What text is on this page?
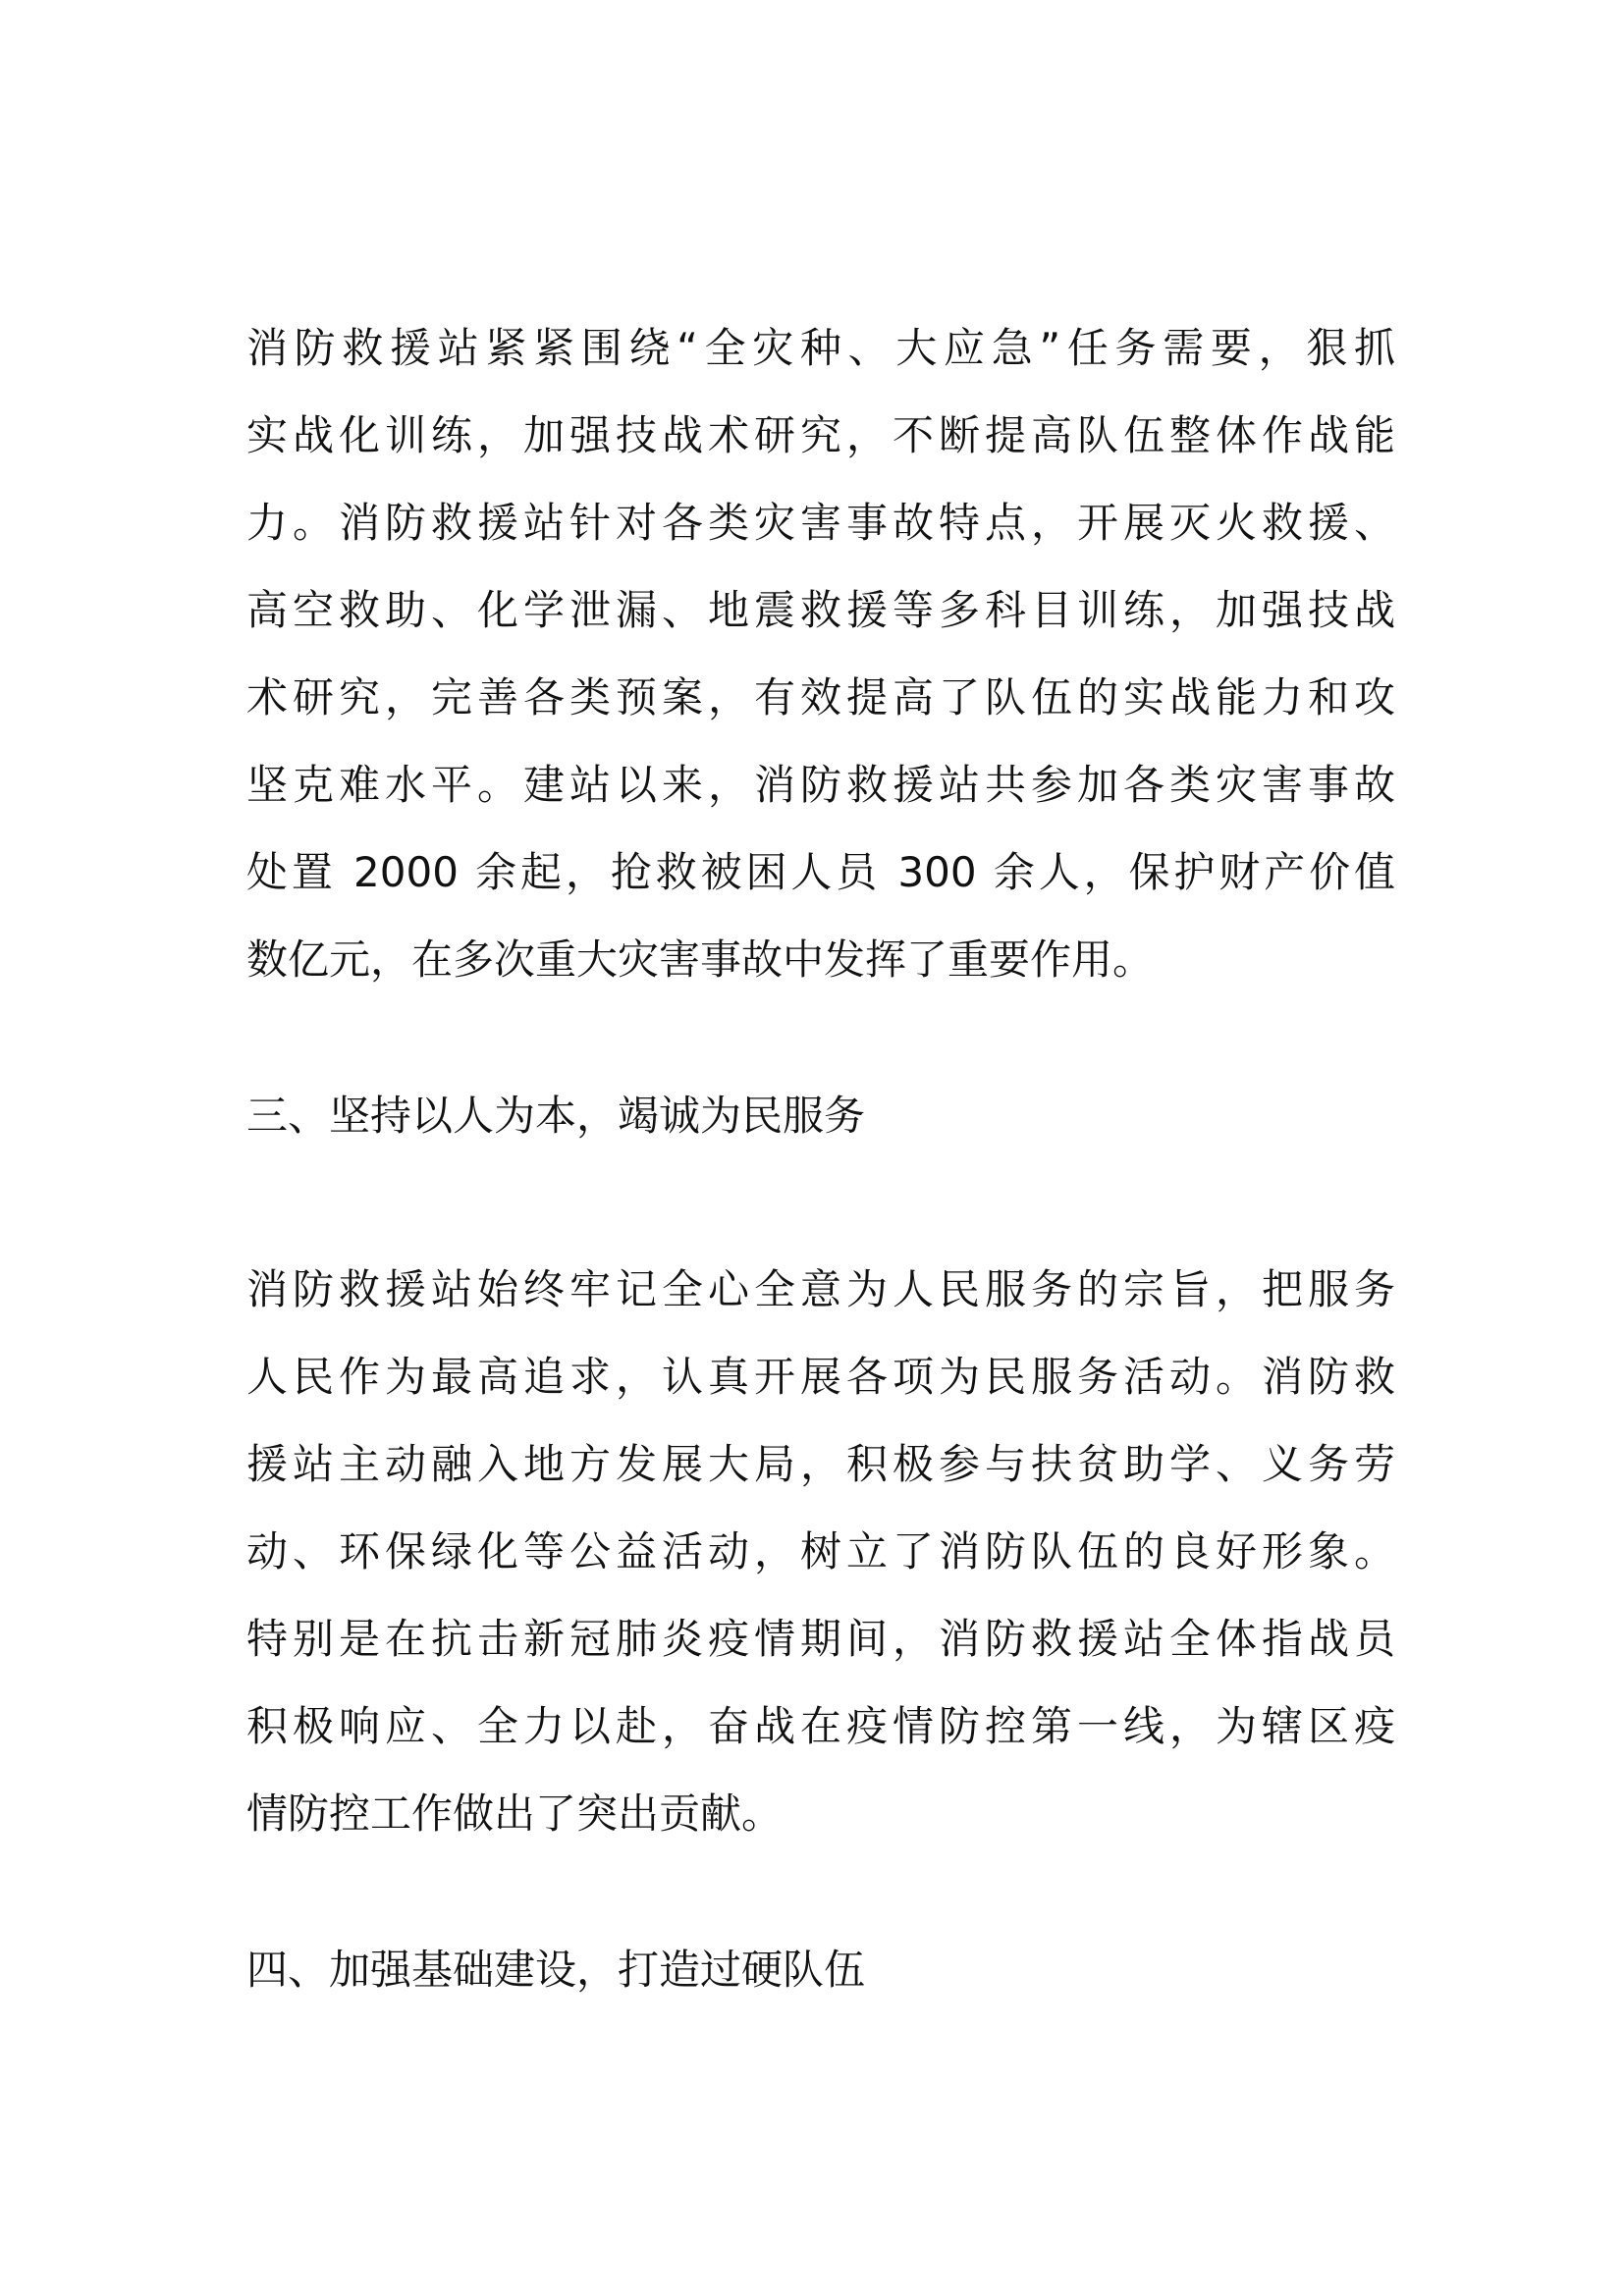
消防救援站紧紧围绕“全灾种、大应急”任务需要，狠抓
实战化训练，加强技战术研究，不断提高队伍整体作战能
力。消防救援站针对各类灾害事故特点，开展灭火救援、
高空救助、化学泄漏、地震救援等多科目训练，加强技战
术研究，完善各类预案，有效提高了队伍的实战能力和攻
坚克难水平。建站以来，消防救援站共参加各类灾害事故
处置 2000 余起，抢救被困人员 300 余人，保护财产价值
数亿元，在多次重大灾害事故中发挥了重要作用。
三、坚持以人为本，竭诚为民服务
消防救援站始终牢记全心全意为人民服务的宗旨，把服务
人民作为最高追求，认真开展各项为民服务活动。消防救
援站主动融入地方发展大局，积极参与扶贫助学、义务劳
动、环保绿化等公益活动，树立了消防队伍的良好形象。
特别是在抗击新冠肺炎疫情期间，消防救援站全体指战员
积极响应、全力以赴，奋战在疫情防控第一线，为辖区疫
情防控工作做出了突出贡献。
四、加强基础建设，打造过硬队伍
